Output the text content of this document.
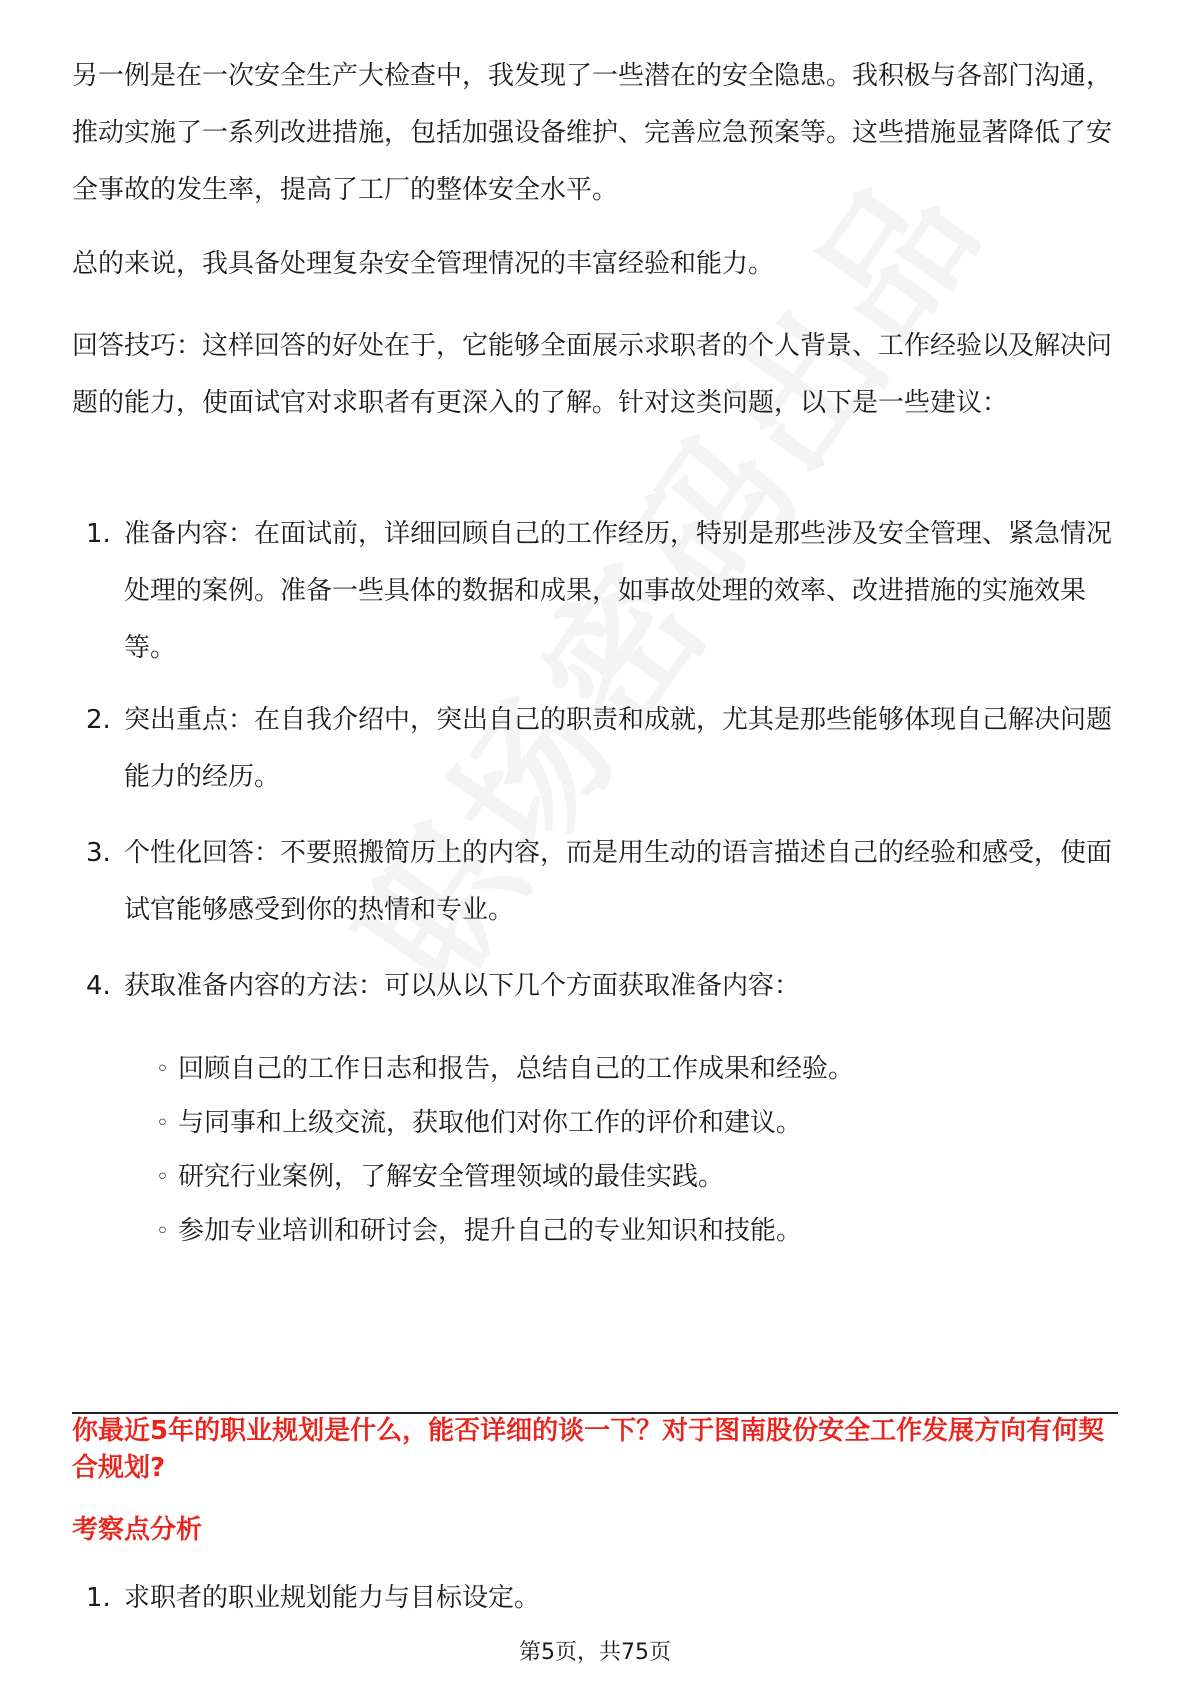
另一例是在一次安全生产大检查中，我发现了一些潜在的安全隐患。我积极与各部门沟通，推动实施了一系列改进措施，包括加强设备维护、完善应急预案等。这些措施显著降低了安全事故的发生率，提高了工厂的整体安全水平。
总的来说，我具备处理复杂安全管理情况的丰富经验和能力。
回答技巧：这样回答的好处在于，它能够全面展示求职者的个人背景、工作经验以及解决问题的能力，使面试官对求职者有更深入的了解。针对这类问题，以下是一些建议：
1. 准备内容：在面试前，详细回顾自己的工作经历，特别是那些涉及安全管理、紧急情况处理的案例。准备一些具体的数据和成果，如事故处理的效率、改进措施的实施效果等。
2. 突出重点：在自我介绍中，突出自己的职责和成就，尤其是那些能够体现自己解决问题能力的经历。
3. 个性化回答：不要照搬简历上的内容，而是用生动的语言描述自己的经验和感受，使面试官能够感受到你的热情和专业。
4. 获取准备内容的方法：可以从以下几个方面获取准备内容：
◦ 回顾自己的工作日志和报告，总结自己的工作成果和经验。
◦ 与同事和上级交流，获取他们对你工作的评价和建议。
◦ 研究行业案例，了解安全管理领域的最佳实践。
◦ 参加专业培训和研讨会，提升自己的专业知识和技能。
你最近5年的职业规划是什么，能否详细的谈一下？对于图南股份安全工作发展方向有何契合规划?
考察点分析
1. 求职者的职业规划能力与目标设定。
第5页，共75页
